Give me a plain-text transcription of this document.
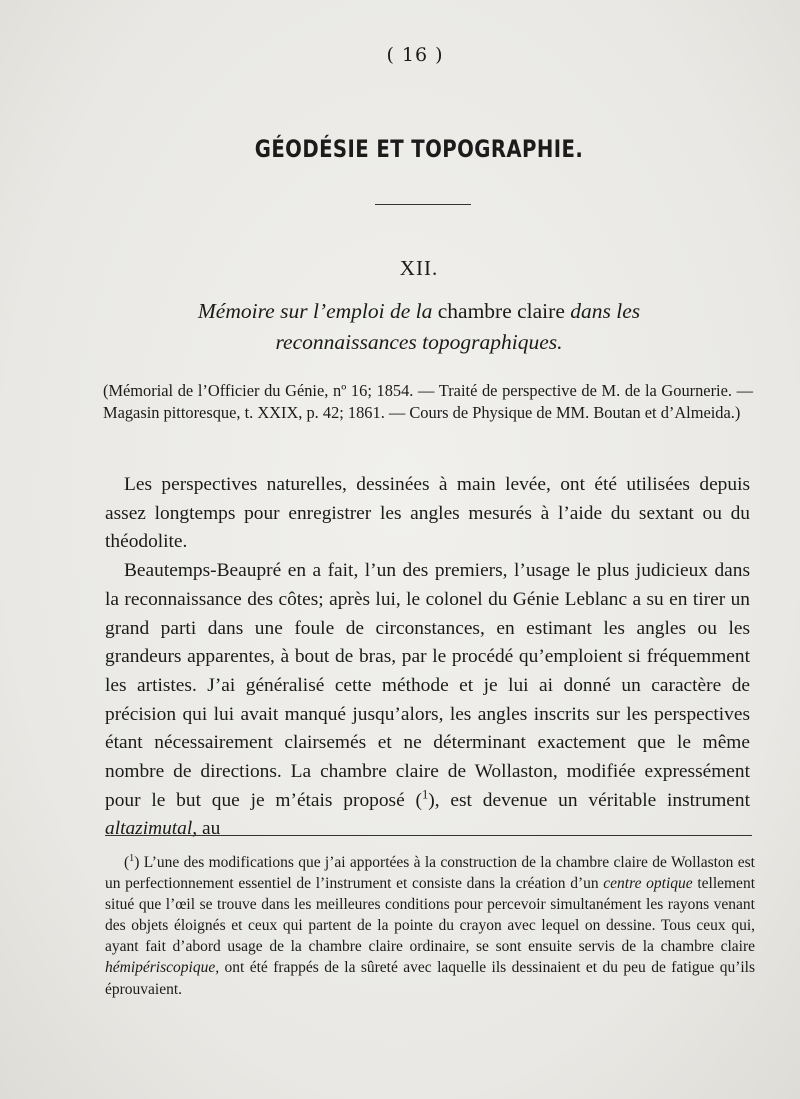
( 16 )
GÉODÉSIE ET TOPOGRAPHIE.
XII.
Mémoire sur l’emploi de la chambre claire dans les
reconnaissances topographiques.
(Mémorial de l’Officier du Génie, nº 16; 1854. — Traité de perspective de M. de la Gournerie. — Magasin pittoresque, t. XXIX, p. 42; 1861. — Cours de Physique de MM. Boutan et d’Almeida.)

Les perspectives naturelles, dessinées à main levée, ont été utilisées depuis assez longtemps pour enregistrer les angles mesurés à l’aide du sextant ou du théodolite.

Beautemps-Beaupré en a fait, l’un des premiers, l’usage le plus judicieux dans la reconnaissance des côtes; après lui, le colonel du Génie Leblanc a su en tirer un grand parti dans une foule de circonstances, en estimant les angles ou les grandeurs apparentes, à bout de bras, par le procédé qu’emploient si fréquemment les artistes. J’ai généralisé cette méthode et je lui ai donné un caractère de précision qui lui avait manqué jusqu’alors, les angles inscrits sur les perspectives étant nécessairement clairsemés et ne déterminant exactement que le même nombre de directions. La chambre claire de Wollaston, modifiée expressément pour le but que je m’étais proposé ($^1$), est devenue un véritable instrument altazimutal, au

($^1$) L’une des modifications que j’ai apportées à la construction de la chambre claire de Wollaston est un perfectionnement essentiel de l’instrument et consiste dans la création d’un centre optique tellement situé que l’œil se trouve dans les meilleures conditions pour percevoir simultanément les rayons venant des objets éloignés et ceux qui partent de la pointe du crayon avec lequel on dessine. Tous ceux qui, ayant fait d’abord usage de la chambre claire ordinaire, se sont ensuite servis de la chambre claire hémipériscopique, ont été frappés de la sûreté avec laquelle ils dessinaient et du peu de fatigue qu’ils éprouvaient.
